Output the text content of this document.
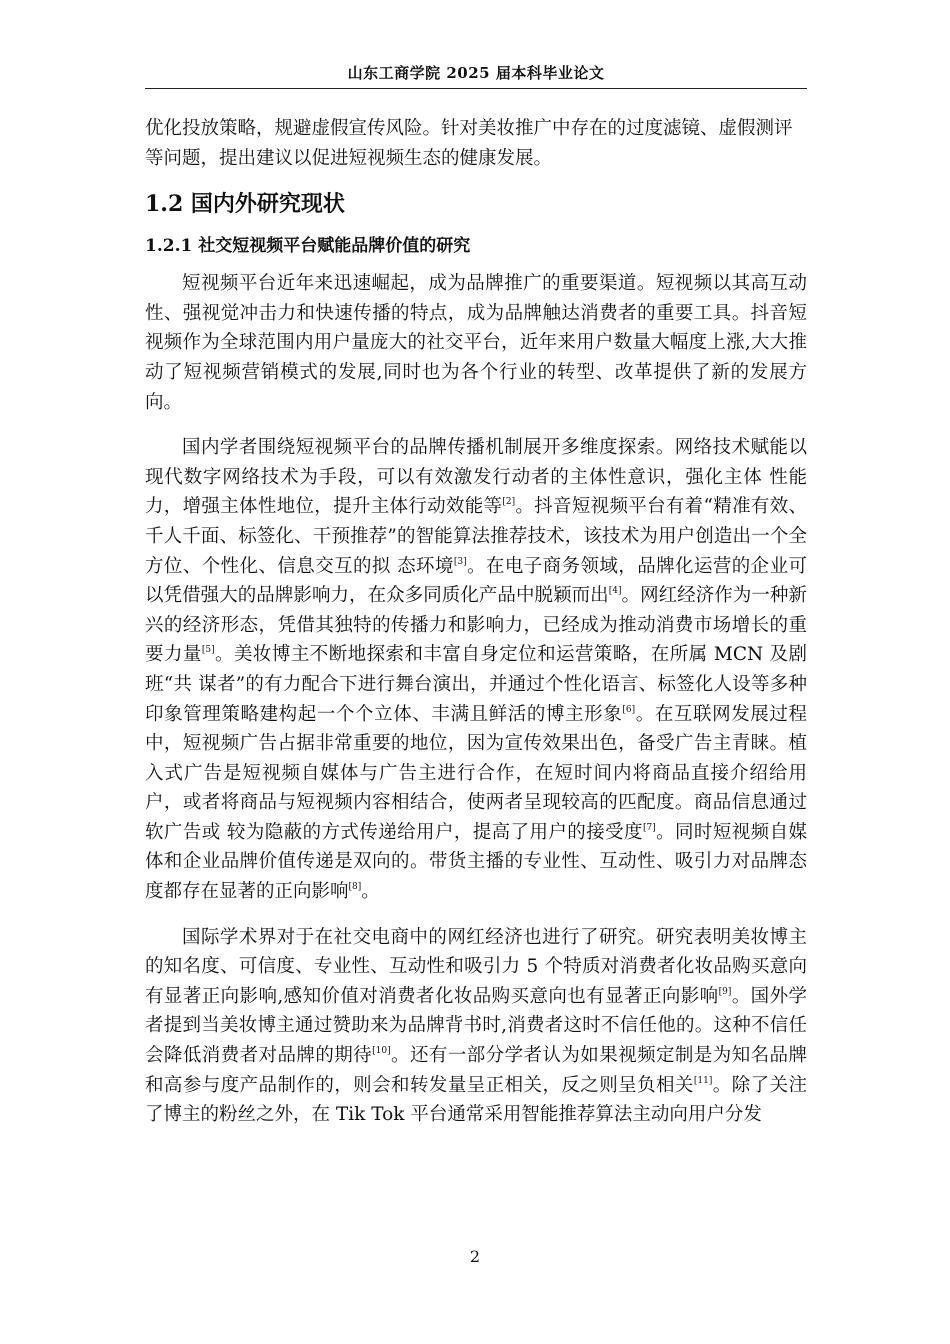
山东工商学院 2025 届本科毕业论文

优化投放策略，规避虚假宣传风险。针对美妆推广中存在的过度滤镜、虚假测评

等问题，提出建议以促进短视频生态的健康发展。

1.2 国内外研究现状
1.2.1 社交短视频平台赋能品牌价值的研究

短视频平台近年来迅速崛起，成为品牌推广的重要渠道。短视频以其高互动性、强视觉冲击力和快速传播的特点，成为品牌触达消费者的重要工具。抖音短视频作为全球范围内用户量庞大的社交平台，近年来用户数量大幅度上涨,大大推动了短视频营销模式的发展,同时也为各个行业的转型、改革提供了新的发展方向。

国内学者围绕短视频平台的品牌传播机制展开多维度探索。网络技术赋能以现代数字网络技术为手段，可以有效激发行动者的主体性意识，强化主体 性能力，增强主体性地位，提升主体行动效能等[2]。抖音短视频平台有着“精准有效、千人千面、标签化、干预推荐”的智能算法推荐技术，该技术为用户创造出一个全方位、个性化、信息交互的拟 态环境[3]。在电子商务领域，品牌化运营的企业可以凭借强大的品牌影响力，在众多同质化产品中脱颖而出[4]。网红经济作为一种新兴的经济形态，凭借其独特的传播力和影响力，已经成为推动消费市场增长的重要力量[5]。美妆博主不断地探索和丰富自身定位和运营策略，在所属 MCN 及剧班“共 谋者”的有力配合下进行舞台演出，并通过个性化语言、标签化人设等多种印象管理策略建构起一个个立体、丰满且鲜活的博主形象[6]。在互联网发展过程中，短视频广告占据非常重要的地位，因为宣传效果出色，备受广告主青睐。植入式广告是短视频自媒体与广告主进行合作，在短时间内将商品直接介绍给用户，或者将商品与短视频内容相结合，使两者呈现较高的匹配度。商品信息通过软广告或 较为隐蔽的方式传递给用户，提高了用户的接受度[7]。同时短视频自媒体和企业品牌价值传递是双向的。带货主播的专业性、互动性、吸引力对品牌态度都存在显著的正向影响[8]。

国际学术界对于在社交电商中的网红经济也进行了研究。研究表明美妆博主的知名度、可信度、专业性、互动性和吸引力 5 个特质对消费者化妆品购买意向有显著正向影响,感知价值对消费者化妆品购买意向也有显著正向影响[9]。国外学者提到当美妆博主通过赞助来为品牌背书时,消费者这时不信任他的。这种不信任会降低消费者对品牌的期待[10]。还有一部分学者认为如果视频定制是为知名品牌和高参与度产品制作的，则会和转发量呈正相关，反之则呈负相关[11]。除了关注了博主的粉丝之外，在 Tik Tok 平台通常采用智能推荐算法主动向用户分发

2
